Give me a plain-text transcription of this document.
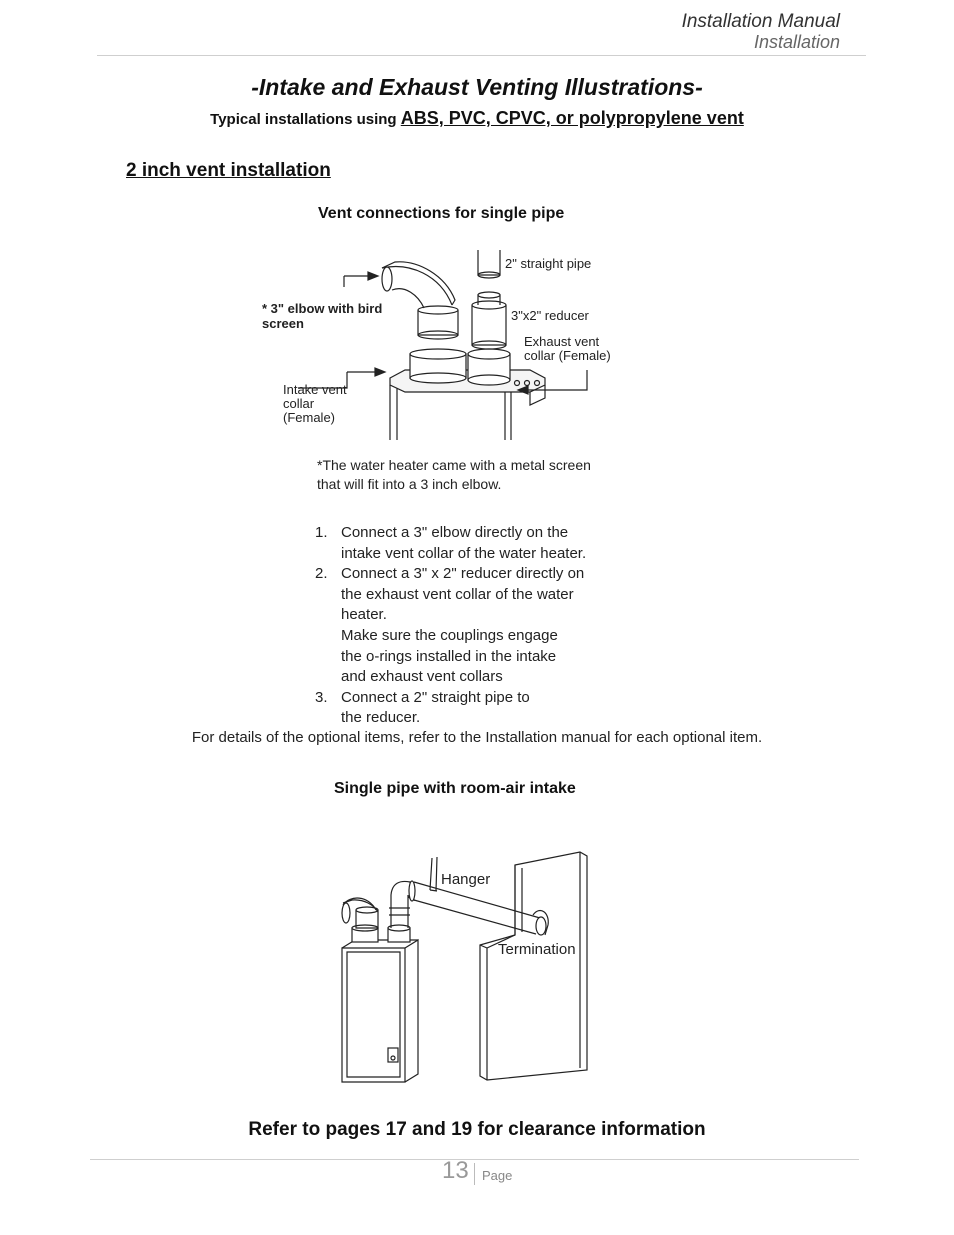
Installation Manual
Installation
-Intake and Exhaust Venting Illustrations-
Typical installations using ABS, PVC, CPVC, or polypropylene vent
2 inch vent installation
Vent connections for single pipe
2" straight pipe
* 3" elbow with bird
screen
3"x2" reducer
Exhaust vent
collar (Female)
Intake vent
collar
(Female)
*The water heater came with a metal screen
that will fit into a 3 inch elbow.
1. Connect a 3" elbow directly on the
intake vent collar of the water heater.
2. Connect a 3" x 2" reducer directly on
the exhaust vent collar of the water
heater.
Make sure the couplings engage
the o-rings installed in the intake
and exhaust vent collars
3. Connect a 2" straight pipe to
the reducer.
For details of the optional items, refer to the Installation manual for each optional item.
Single pipe with room-air intake
Hanger
Termination
Refer to pages 17 and 19 for clearance information
13 Page
